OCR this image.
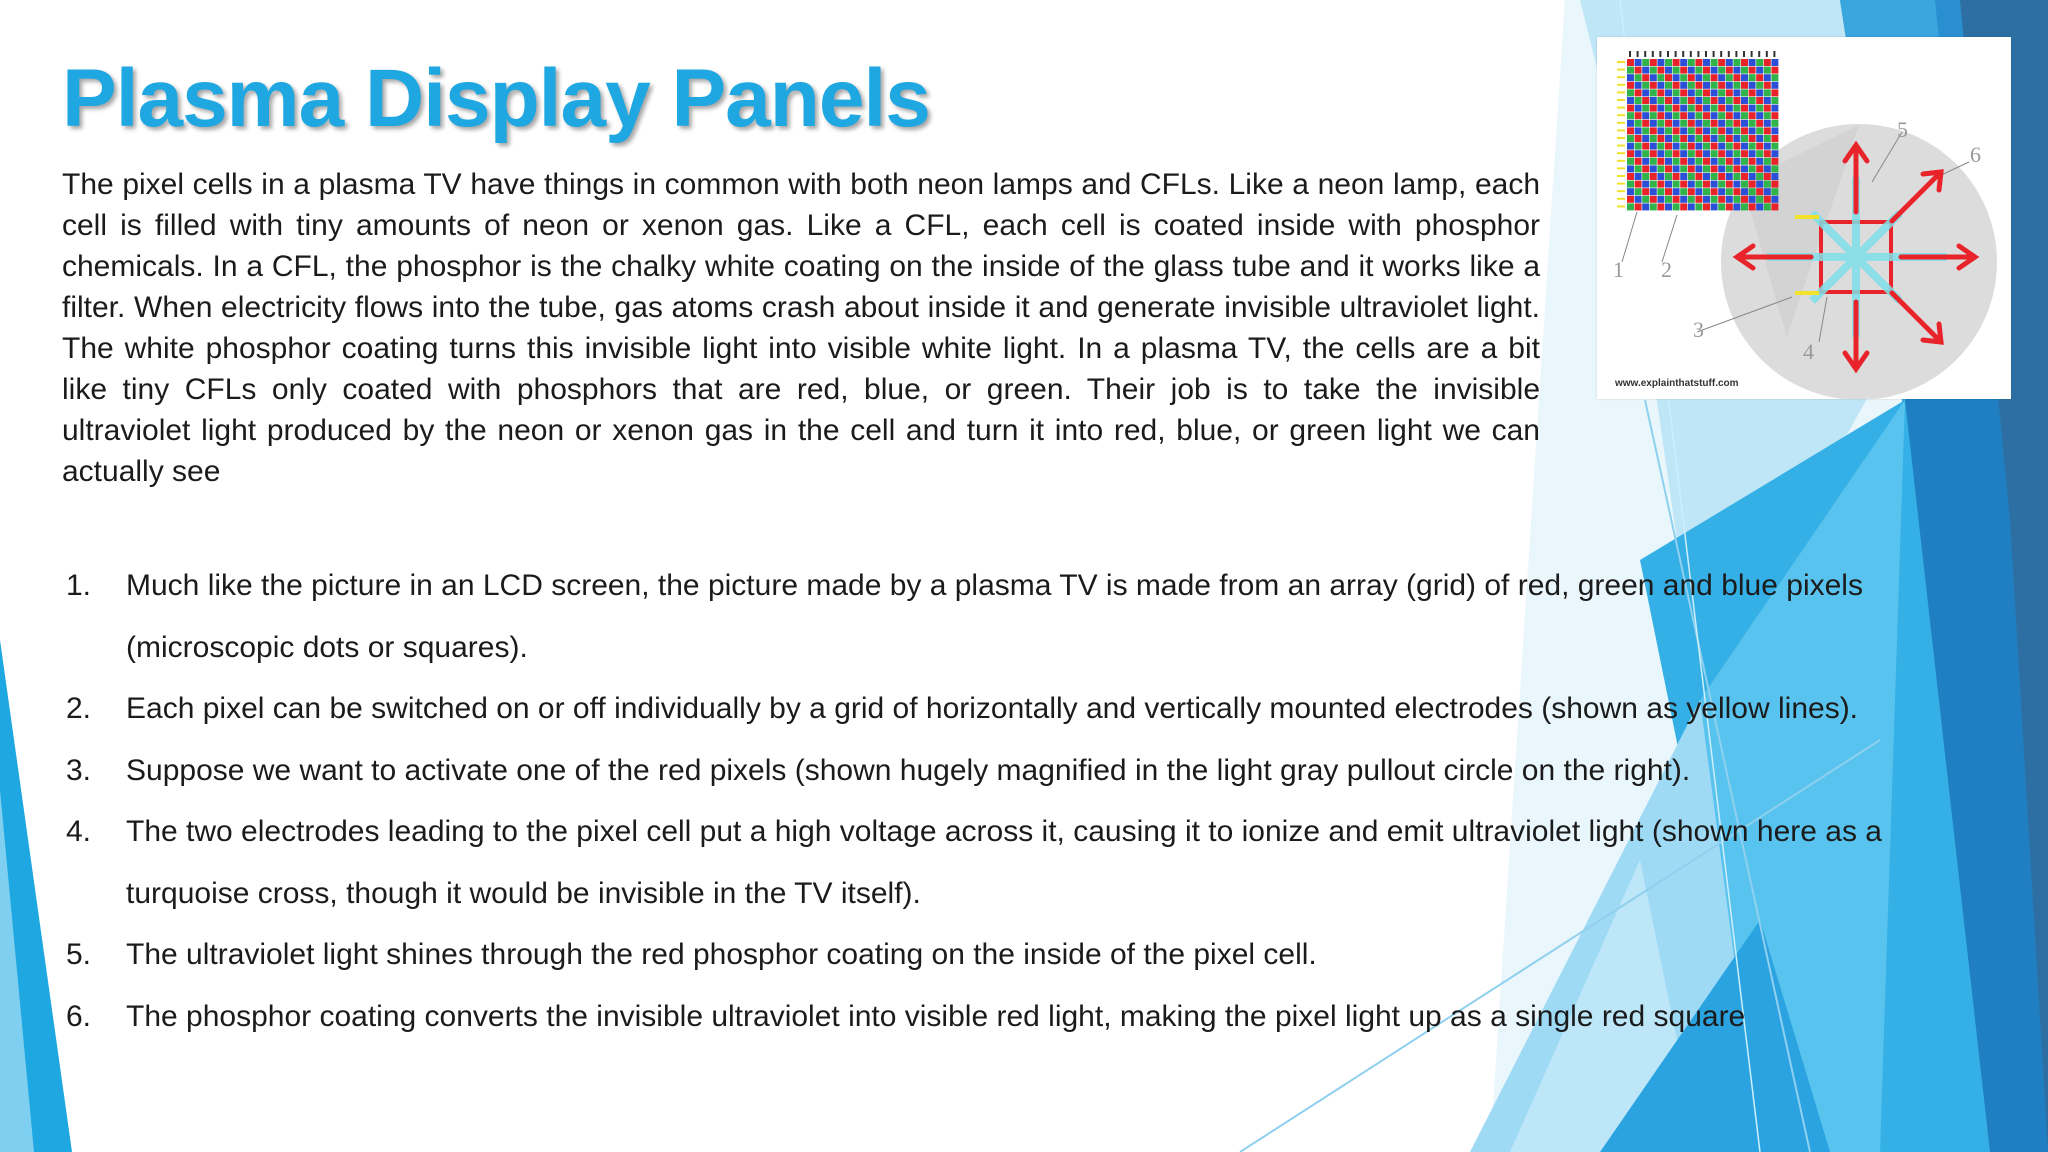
Plasma Display Panels

The pixel cells in a plasma TV have things in common with both neon lamps and CFLs. Like a neon lamp, each cell is filled with tiny amounts of neon or xenon gas. Like a CFL, each cell is coated inside with phosphor chemicals. In a CFL, the phosphor is the chalky white coating on the inside of the glass tube and it works like a filter. When electricity flows into the tube, gas atoms crash about inside it and generate invisible ultraviolet light. The white phosphor coating turns this invisible light into visible white light. In a plasma TV, the cells are a bit like tiny CFLs only coated with phosphors that are red, blue, or green. Their job is to take the invisible ultraviolet light produced by the neon or xenon gas in the cell and turn it into red, blue, or green light we can actually see

1. Much like the picture in an LCD screen, the picture made by a plasma TV is made from an array (grid) of red, green and blue pixels (microscopic dots or squares).
2. Each pixel can be switched on or off individually by a grid of horizontally and vertically mounted electrodes (shown as yellow lines).
3. Suppose we want to activate one of the red pixels (shown hugely magnified in the light gray pullout circle on the right).
4. The two electrodes leading to the pixel cell put a high voltage across it, causing it to ionize and emit ultraviolet light (shown here as a turquoise cross, though it would be invisible in the TV itself).
5. The ultraviolet light shines through the red phosphor coating on the inside of the pixel cell.
6. The phosphor coating converts the invisible ultraviolet into visible red light, making the pixel light up as a single red square
1 2
3
4
5
6
www.explainthatstuff.com
